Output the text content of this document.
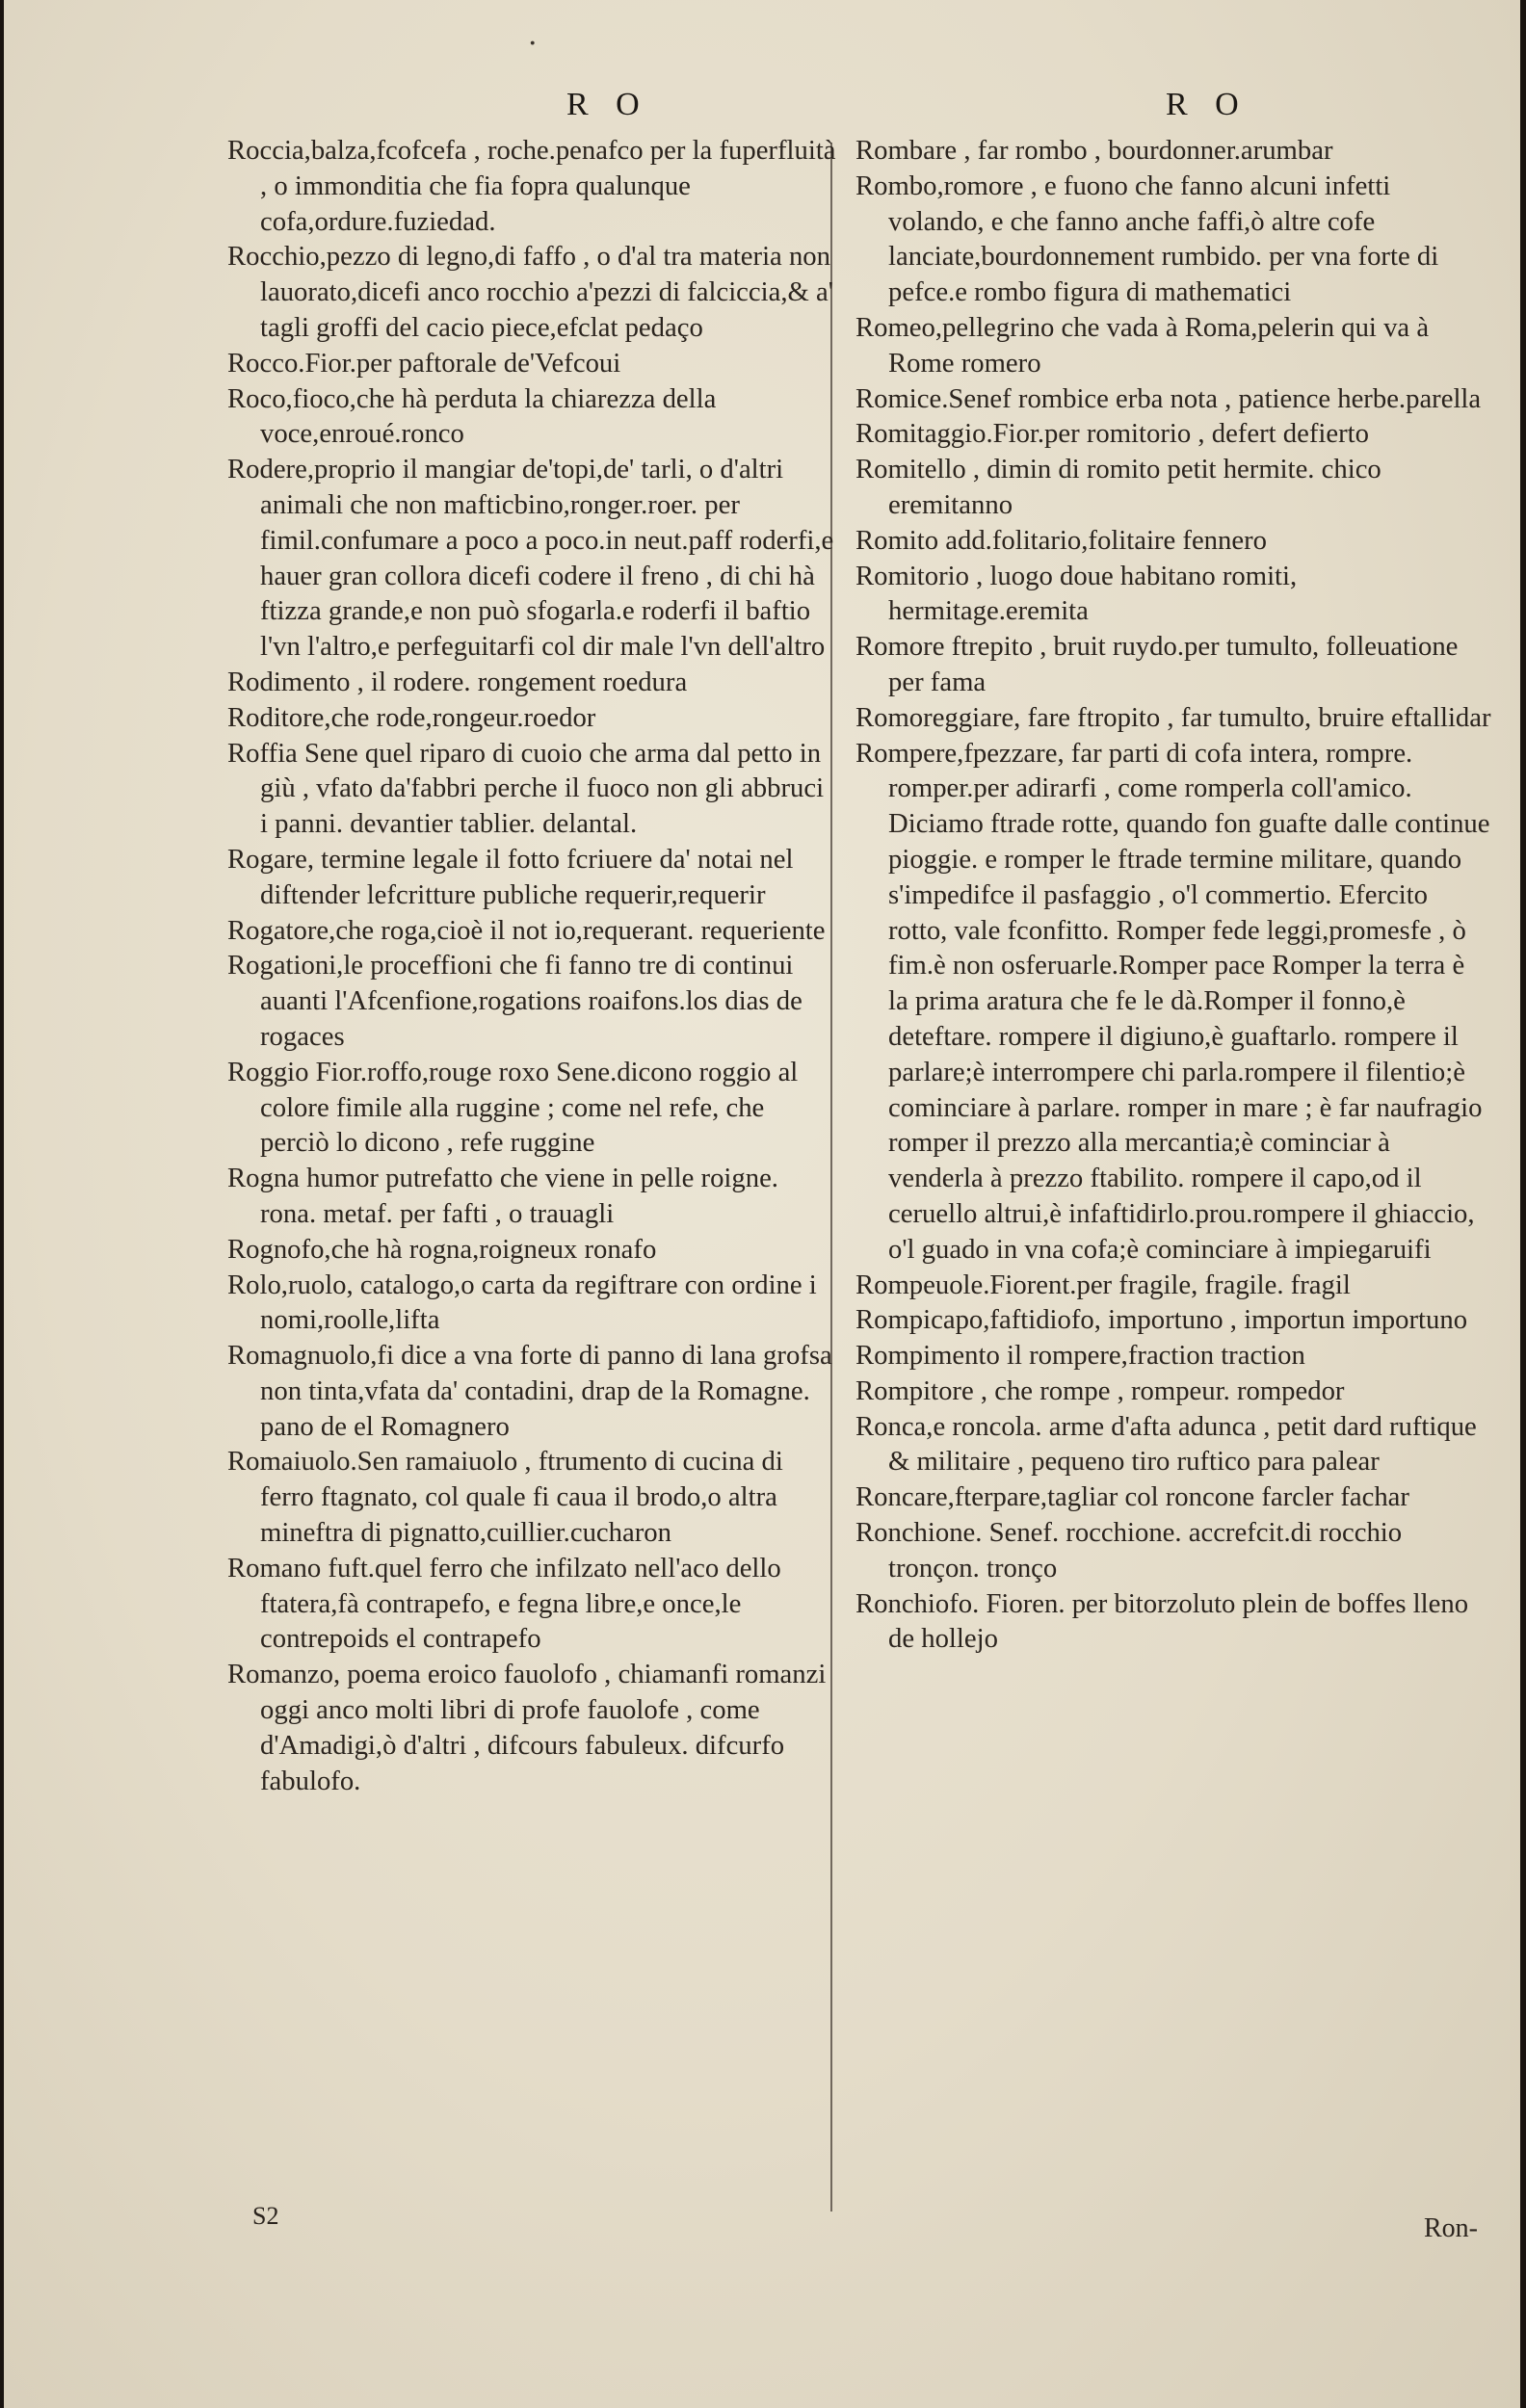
·
R O	R O

Roccia,balza,fcofcefa , roche.penafco per la fuperfluità , o immonditia che fia fopra qualunque cofa,ordure.fuziedad.

Rocchio,pezzo di legno,di faffo , o d'al tra materia non lauorato,dicefi anco rocchio a'pezzi di falciccia,& a' tagli groffi del cacio piece,efclat pedaço

Rocco.Fior.per paftorale de'Vefcoui

Roco,fioco,che hà perduta la chiarezza della voce,enroué.ronco

Rodere,proprio il mangiar de'topi,de' tarli, o d'altri animali che non mafticbino,ronger.roer. per fimil.confumare a poco a poco.in neut.paff roderfi,e hauer gran collora dicefi codere il freno , di chi hà ftizza grande,e non può sfogarla.e roderfi il baftio l'vn l'altro,e perfeguitarfi col dir male l'vn dell'altro

Rodimento , il rodere. rongement roedura

Roditore,che rode,rongeur.roedor

Roffia Sene quel riparo di cuoio che arma dal petto in giù , vfato da'fabbri perche il fuoco non gli abbruci i panni. devantier tablier. delantal.

Rogare, termine legale il fotto fcriuere da' notai nel diftender lefcritture publiche requerir,requerir

Rogatore,che roga,cioè il not io,requerant. requeriente

Rogationi,le proceffioni che fi fanno tre di continui auanti l'Afcenfione,rogations roaifons.los dias de rogaces

Roggio Fior.roffo,rouge roxo Sene.dicono roggio al colore fimile alla ruggine ; come nel refe, che perciò lo dicono , refe ruggine

Rogna humor putrefatto che viene in pelle roigne. rona. metaf. per fafti , o trauagli

Rognofo,che hà rogna,roigneux ronafo

Rolo,ruolo, catalogo,o carta da regiftrare con ordine i nomi,roolle,lifta

Romagnuolo,fi dice a vna forte di panno di lana grofsa non tinta,vfata da' contadini, drap de la Romagne. pano de el Romagnero

Romaiuolo.Sen ramaiuolo , ftrumento di cucina di ferro ftagnato, col quale fi caua il brodo,o altra mineftra di pignatto,cuillier.cucharon

Romano fuft.quel ferro che infilzato nell'aco dello ftatera,fà contrapefo, e fegna libre,e once,le contrepoids el contrapefo

Romanzo, poema eroico fauolofo , chiamanfi romanzi oggi anco molti libri di profe fauolofe , come d'Amadigi,ò d'altri , difcours fabuleux. difcurfo fabulofo.

Rombare , far rombo , bourdonner.arumbar

Rombo,romore , e fuono che fanno alcuni infetti volando, e che fanno anche faffi,ò altre cofe lanciate,bourdonnement rumbido. per vna forte di pefce.e rombo figura di mathematici

Romeo,pellegrino che vada à Roma,pelerin qui va à Rome romero

Romice.Senef rombice erba nota , patience herbe.parella

Romitaggio.Fior.per romitorio , defert defierto

Romitello , dimin di romito petit hermite. chico eremitanno

Romito add.folitario,folitaire fennero

Romitorio , luogo doue habitano romiti, hermitage.eremita

Romore ftrepito , bruit ruydo.per tumulto, folleuatione per fama

Romoreggiare, fare ftropito , far tumulto, bruire eftallidar

Rompere,fpezzare, far parti di cofa intera, rompre. romper.per adirarfi , come romperla coll'amico. Diciamo ftrade rotte, quando fon guafte dalle continue pioggie. e romper le ftrade termine militare, quando s'impedifce il pasfaggio , o'l commertio. Efercito rotto, vale fconfitto. Romper fede leggi,promesfe , ò fim.è non osferuarle.Romper pace Romper la terra è la prima aratura che fe le dà.Romper il fonno,è deteftare. rompere il digiuno,è guaftarlo. rompere il parlare;è interrompere chi parla.rompere il filentio;è cominciare à parlare. romper in mare ; è far naufragio romper il prezzo alla mercantia;è cominciar à venderla à prezzo ftabilito. rompere il capo,od il ceruello altrui,è infaftidirlo.prou.rompere il ghiaccio, o'l guado in vna cofa;è cominciare à impiegaruifi

Rompeuole.Fiorent.per fragile, fragile. fragil

Rompicapo,faftidiofo, importuno , importun importuno

Rompimento il rompere,fraction traction

Rompitore , che rompe , rompeur. rompedor

Ronca,e roncola. arme d'afta adunca , petit dard ruftique & militaire , pequeno tiro ruftico para palear

Roncare,fterpare,tagliar col roncone farcler fachar

Ronchione. Senef. rocchione. accrefcit.di rocchio tronçon. tronço

Ronchiofo. Fioren. per bitorzoluto plein de boffes lleno de hollejo

S2	Ron-
